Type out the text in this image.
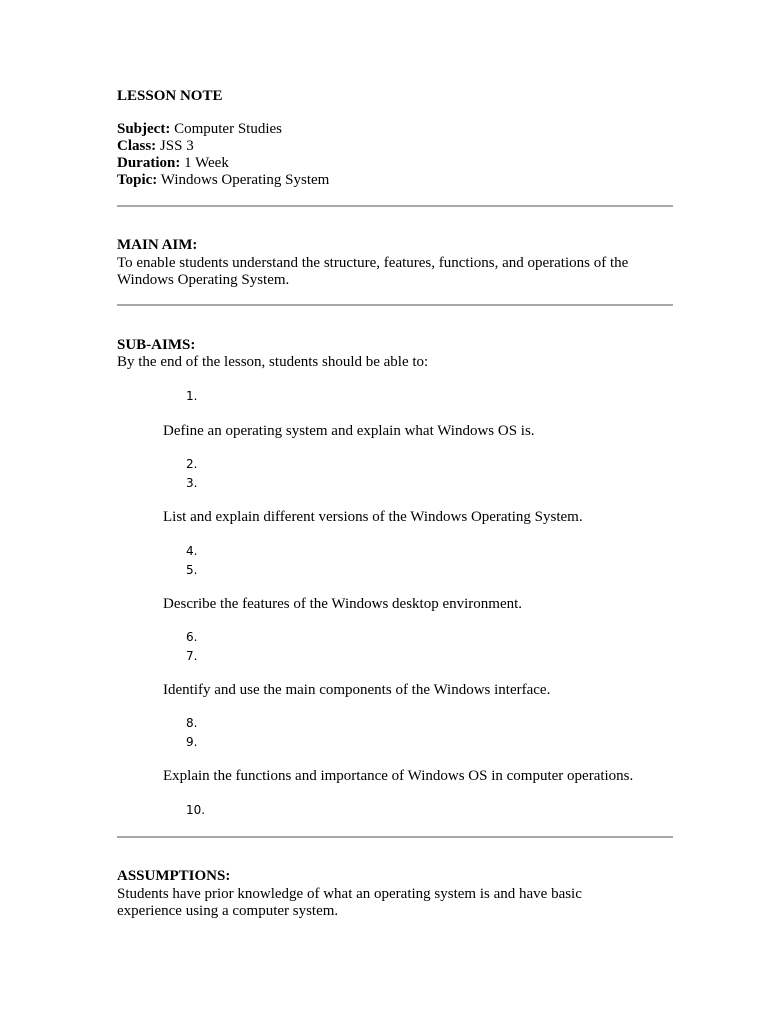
LESSON NOTE
Subject: Computer Studies
Class: JSS 3
Duration: 1 Week
Topic: Windows Operating System
MAIN AIM:
To enable students understand the structure, features, functions, and operations of the
Windows Operating System.
SUB-AIMS:
By the end of the lesson, students should be able to:
1.
Define an operating system and explain what Windows OS is.
2.
3.
List and explain different versions of the Windows Operating System.
4.
5.
Describe the features of the Windows desktop environment.
6.
7.
Identify and use the main components of the Windows interface.
8.
9.
Explain the functions and importance of Windows OS in computer operations.
10.
ASSUMPTIONS:
Students have prior knowledge of what an operating system is and have basic
experience using a computer system.
